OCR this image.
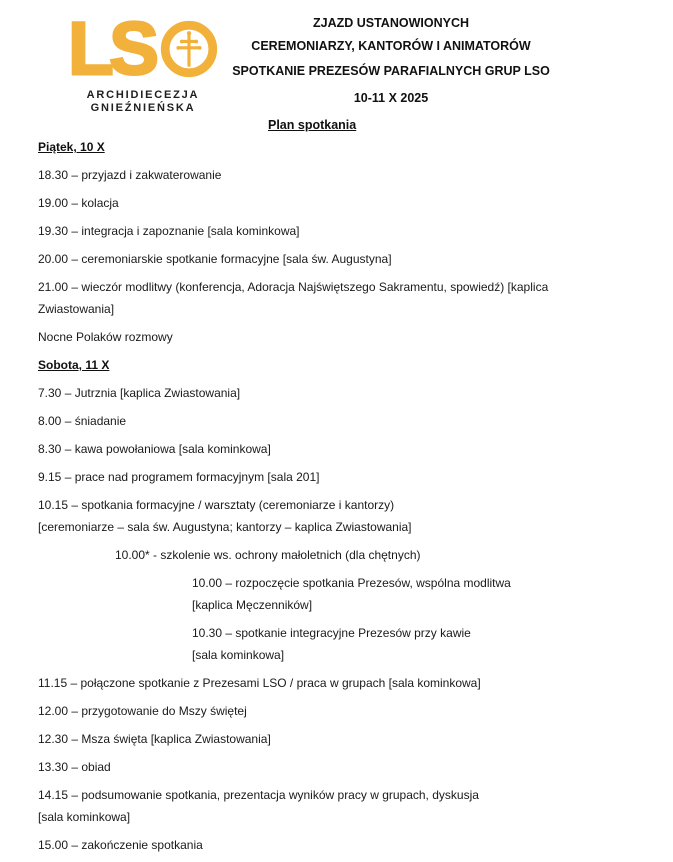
LS
ARCHIDIECEZJA
GNIEŹNIEŃSKA
ZJAZD USTANOWIONYCH
CEREMONIARZY, KANTORÓW I ANIMATORÓW
SPOTKANIE PREZESÓW PARAFIALNYCH GRUP LSO
10-11 X 2025
Plan spotkania
Piątek, 10 X
18.30 – przyjazd i zakwaterowanie
19.00 – kolacja
19.30 – integracja i zapoznanie [sala kominkowa]
20.00 – ceremoniarskie spotkanie formacyjne [sala św. Augustyna]
21.00 – wieczór modlitwy (konferencja, Adoracja Najświętszego Sakramentu, spowiedź) [kaplica
Zwiastowania]
Nocne Polaków rozmowy
Sobota, 11 X
7.30 – Jutrznia [kaplica Zwiastowania]
8.00 – śniadanie
8.30 – kawa powołaniowa [sala kominkowa]
9.15 – prace nad programem formacyjnym [sala 201]
10.15 – spotkania formacyjne / warsztaty (ceremoniarze i kantorzy)
[ceremoniarze – sala św. Augustyna; kantorzy – kaplica Zwiastowania]
10.00* - szkolenie ws. ochrony małoletnich (dla chętnych)
10.00 – rozpoczęcie spotkania Prezesów, wspólna modlitwa
[kaplica Męczenników]
10.30 – spotkanie integracyjne Prezesów przy kawie
[sala kominkowa]
11.15 – połączone spotkanie z Prezesami LSO / praca w grupach [sala kominkowa]
12.00 – przygotowanie do Mszy świętej
12.30 – Msza święta [kaplica Zwiastowania]
13.30 – obiad
14.15 – podsumowanie spotkania, prezentacja wyników pracy w grupach, dyskusja
[sala kominkowa]
15.00 – zakończenie spotkania
